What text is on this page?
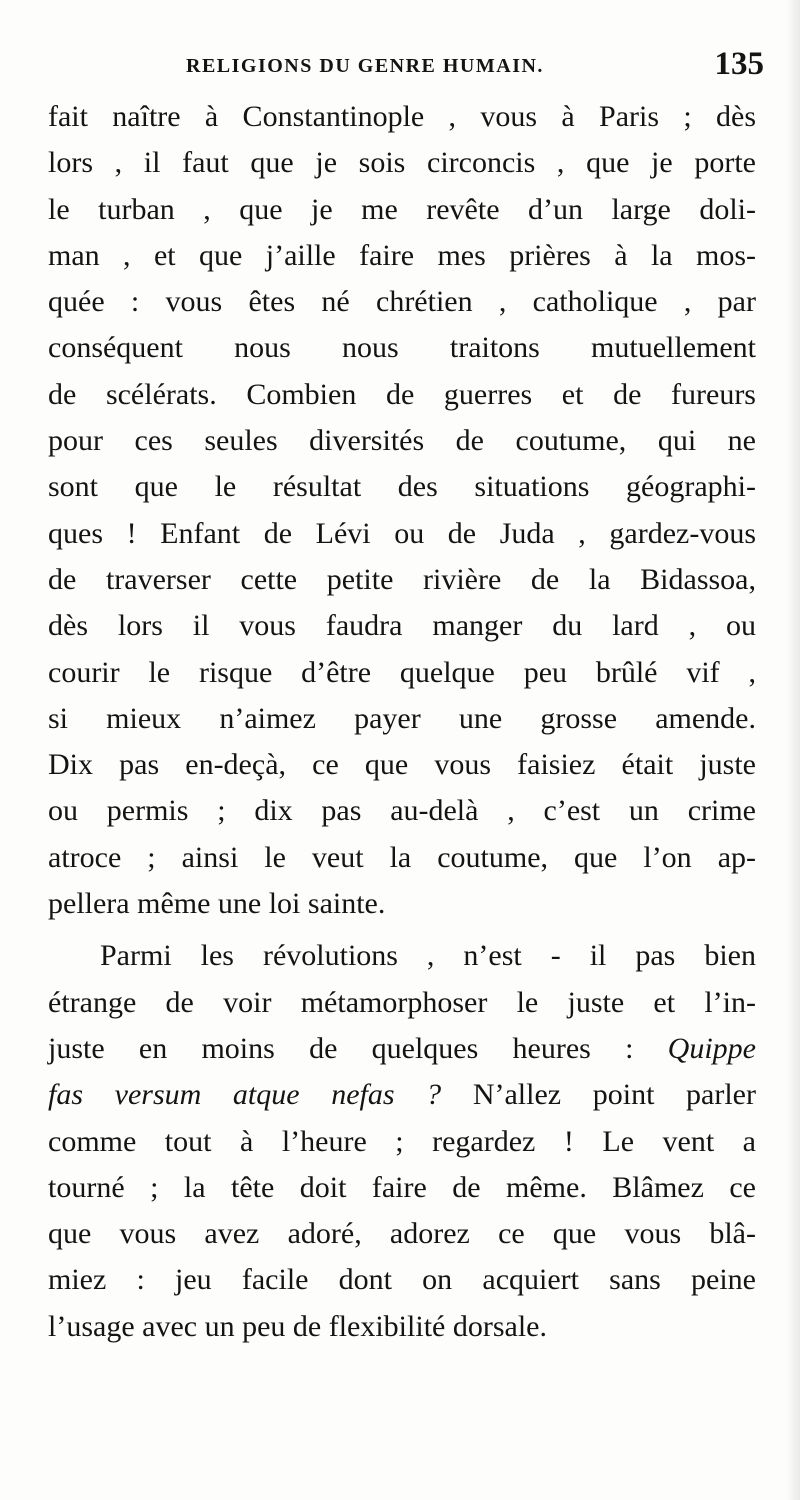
RELIGIONS DU GENRE HUMAIN.	135
fait naître à Constantinople , vous à Paris ; dès
lors , il faut que je sois circoncis , que je porte
le turban , que je me revête d’un large doli-
man , et que j’aille faire mes prières à la mos-
quée : vous êtes né chrétien , catholique , par
conséquent nous nous traitons mutuellement
de scélérats. Combien de guerres et de fureurs
pour ces seules diversités de coutume, qui ne
sont que le résultat des situations géographi-
ques ! Enfant de Lévi ou de Juda , gardez-vous
de traverser cette petite rivière de la Bidassoa,
dès lors il vous faudra manger du lard , ou
courir le risque d’être quelque peu brûlé vif ,
si mieux n’aimez payer une grosse amende.
Dix pas en-deçà, ce que vous faisiez était juste
ou permis ; dix pas au-delà , c’est un crime
atroce ; ainsi le veut la coutume, que l’on ap-
pellera même une loi sainte.
Parmi les révolutions , n’est - il pas bien
étrange de voir métamorphoser le juste et l’in-
juste en moins de quelques heures : Quippe
fas versum atque nefas ? N’allez point parler
comme tout à l’heure ; regardez ! Le vent a
tourné ; la tête doit faire de même. Blâmez ce
que vous avez adoré, adorez ce que vous blâ-
miez : jeu facile dont on acquiert sans peine
l’usage avec un peu de flexibilité dorsale.
